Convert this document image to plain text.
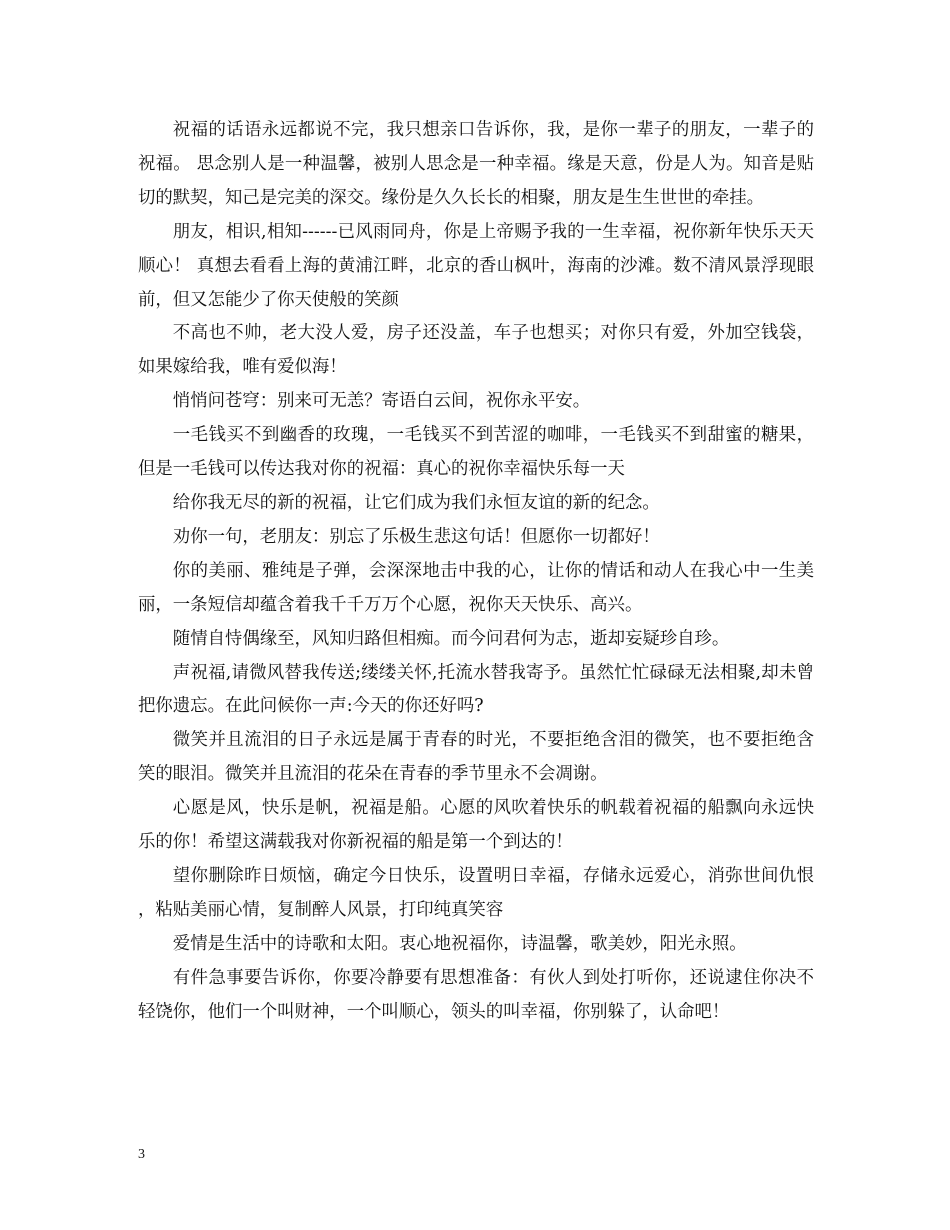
祝福的话语永远都说不完，我只想亲口告诉你，我，是你一辈子的朋友，一辈子的祝福。 思念别人是一种温馨，被别人思念是一种幸福。缘是天意，份是人为。知音是贴切的默契，知己是完美的深交。缘份是久久长长的相聚，朋友是生生世世的牵挂。

朋友，相识,相知------已风雨同舟，你是上帝赐予我的一生幸福，祝你新年快乐天天顺心！ 真想去看看上海的黄浦江畔，北京的香山枫叶，海南的沙滩。数不清风景浮现眼前，但又怎能少了你天使般的笑颜

不高也不帅，老大没人爱，房子还没盖，车子也想买；对你只有爱，外加空钱袋，如果嫁给我，唯有爱似海！

悄悄问苍穹：别来可无恙？寄语白云间，祝你永平安。

一毛钱买不到幽香的玫瑰，一毛钱买不到苦涩的咖啡，一毛钱买不到甜蜜的糖果，但是一毛钱可以传达我对你的祝福：真心的祝你幸福快乐每一天

给你我无尽的新的祝福，让它们成为我们永恒友谊的新的纪念。

劝你一句，老朋友：别忘了乐极生悲这句话！但愿你一切都好！

你的美丽、雅纯是子弹，会深深地击中我的心，让你的情话和动人在我心中一生美丽，一条短信却蕴含着我千千万万个心愿，祝你天天快乐、高兴。

随情自恃偶缘至，风知归路但相痴。而今问君何为志，逝却妄疑珍自珍。

声祝福,请微风替我传送;缕缕关怀,托流水替我寄予。虽然忙忙碌碌无法相聚,却未曾把你遗忘。在此问候你一声:今天的你还好吗?

微笑并且流泪的日子永远是属于青春的时光，不要拒绝含泪的微笑，也不要拒绝含笑的眼泪。微笑并且流泪的花朵在青春的季节里永不会凋谢。

心愿是风，快乐是帆，祝福是船。心愿的风吹着快乐的帆载着祝福的船飘向永远快乐的你！希望这满载我对你新祝福的船是第一个到达的！

望你删除昨日烦恼，确定今日快乐，设置明日幸福，存储永远爱心，消弥世间仇恨，粘贴美丽心情，复制醉人风景，打印纯真笑容

爱情是生活中的诗歌和太阳。衷心地祝福你，诗温馨，歌美妙，阳光永照。

有件急事要告诉你，你要冷静要有思想准备：有伙人到处打听你，还说逮住你决不轻饶你，他们一个叫财神，一个叫顺心，领头的叫幸福，你别躲了，认命吧！

3
